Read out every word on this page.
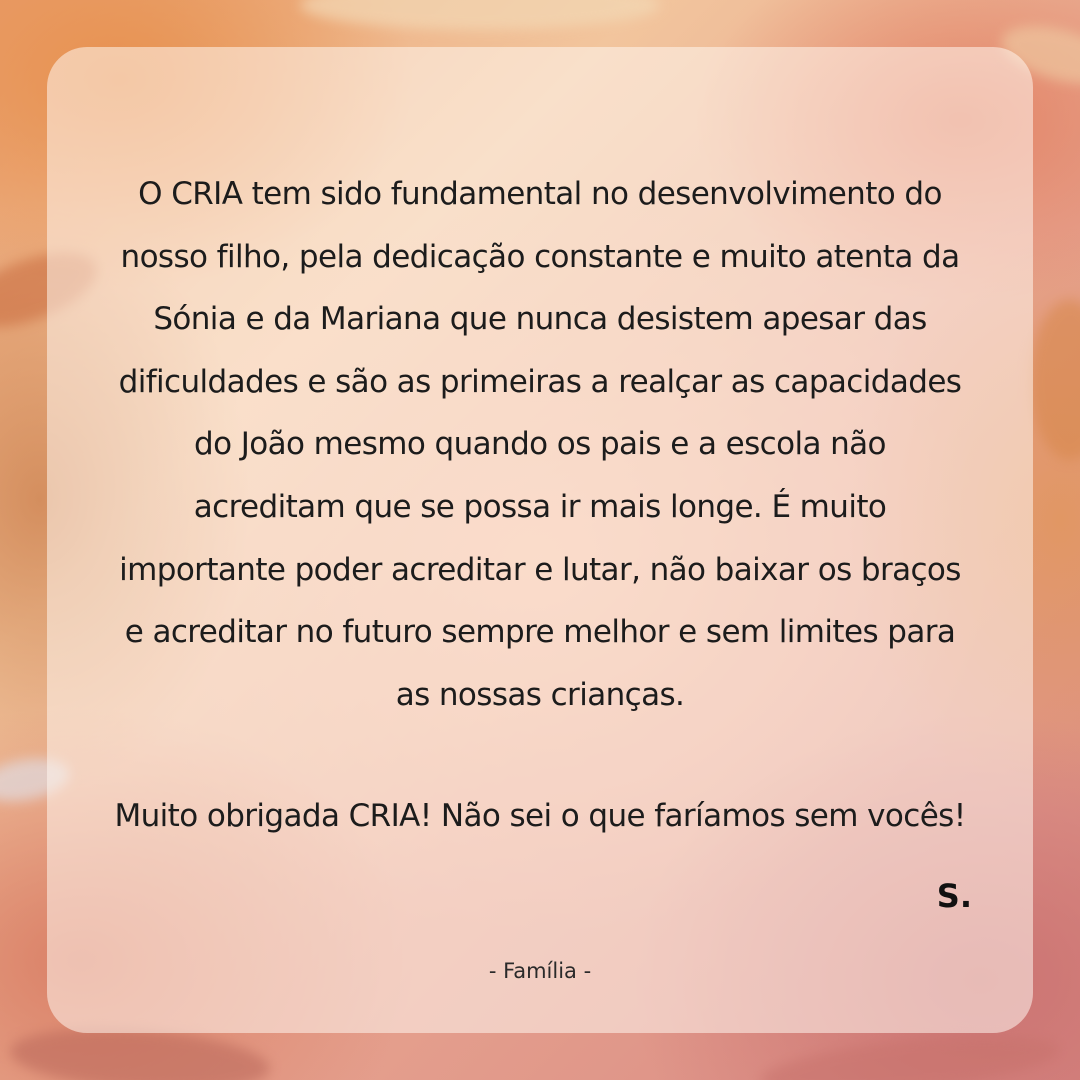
O CRIA tem sido fundamental no desenvolvimento do
nosso filho, pela dedicação constante e muito atenta da
Sónia e da Mariana que nunca desistem apesar das
dificuldades e são as primeiras a realçar as capacidades
do João mesmo quando os pais e a escola não
acreditam que se possa ir mais longe. É muito
importante poder acreditar e lutar, não baixar os braços
e acreditar no futuro sempre melhor e sem limites para
as nossas crianças.

Muito obrigada CRIA! Não sei o que faríamos sem vocês!

S.

- Família -
